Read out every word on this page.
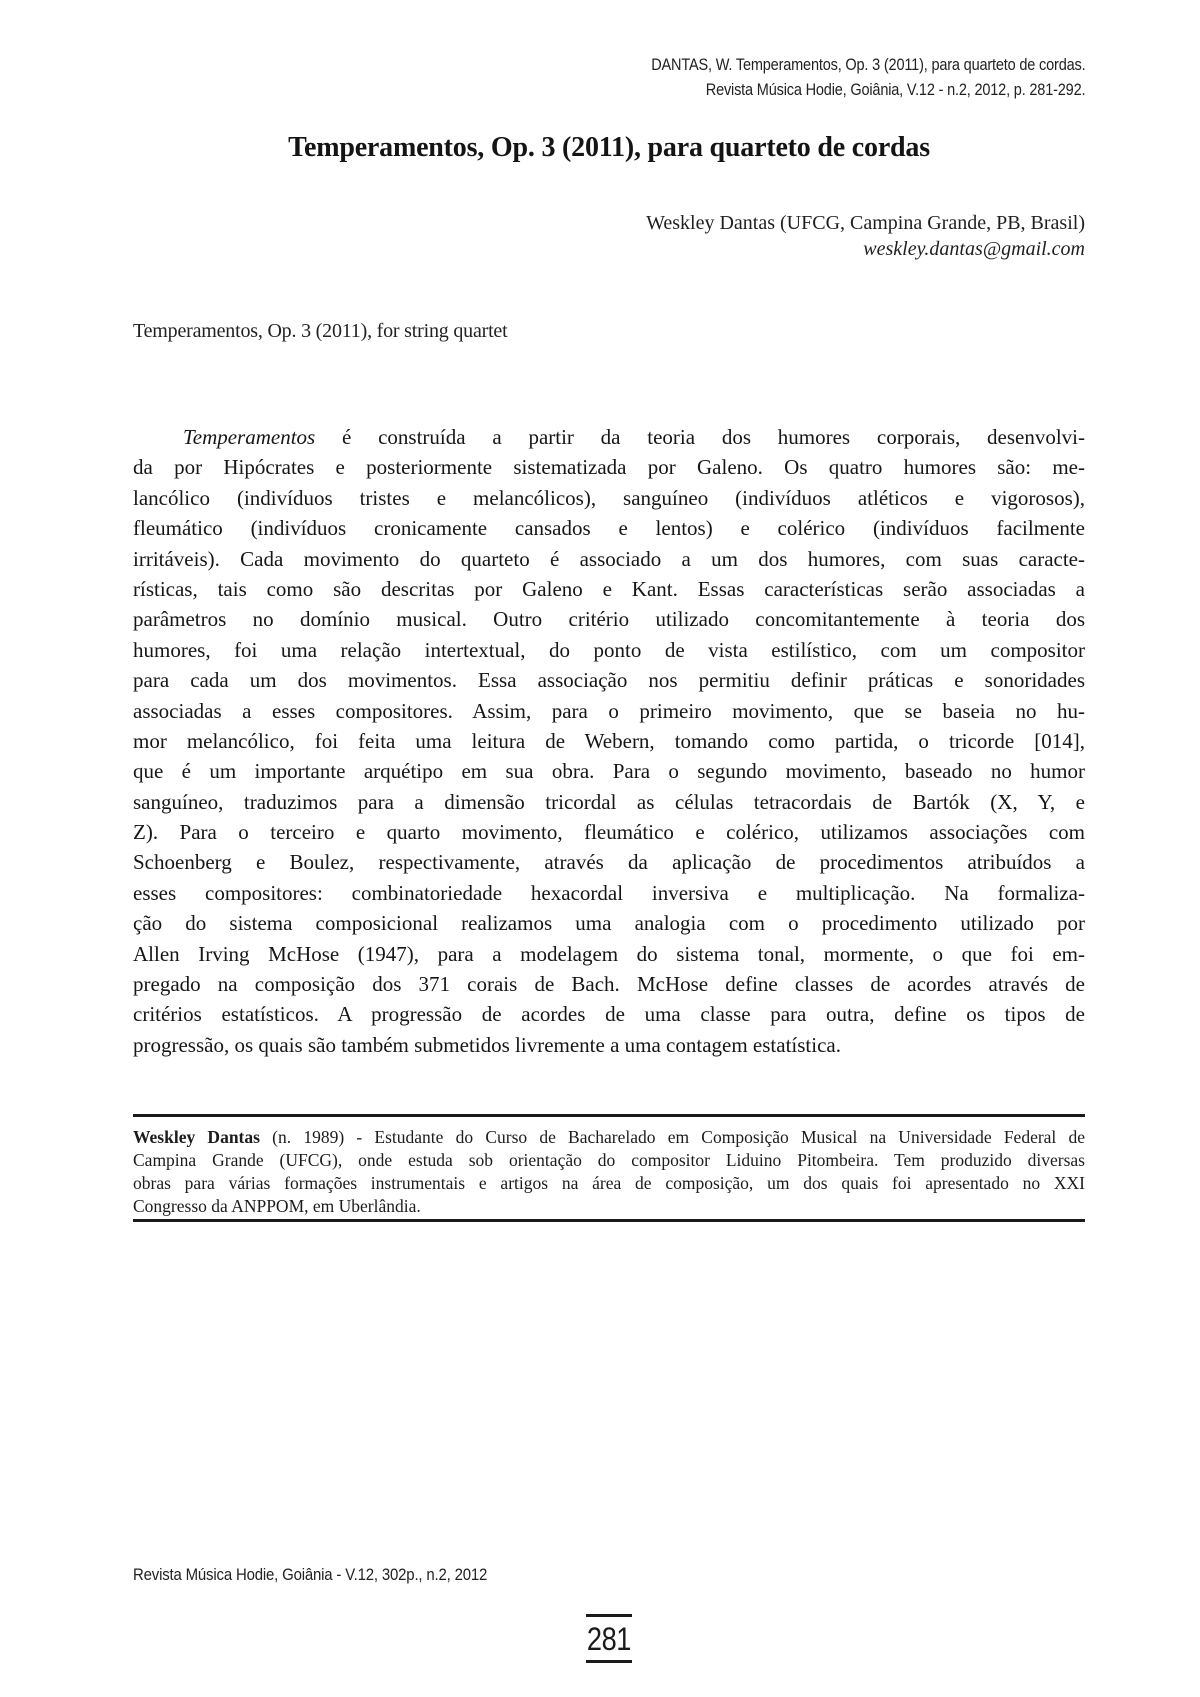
DANTAS, W. Temperamentos, Op. 3 (2011), para quarteto de cordas.
Revista Música Hodie, Goiânia, V.12 - n.2, 2012, p. 281-292.
Temperamentos, Op. 3 (2011), para quarteto de cordas
Weskley Dantas (UFCG, Campina Grande, PB, Brasil)
weskley.dantas@gmail.com
Temperamentos, Op. 3 (2011), for string quartet
Temperamentos é construída a partir da teoria dos humores corporais, desenvolvi-
da por Hipócrates e posteriormente sistematizada por Galeno. Os quatro humores são: me-
lancólico (indivíduos tristes e melancólicos), sanguíneo (indivíduos atléticos e vigorosos),
fleumático (indivíduos cronicamente cansados e lentos) e colérico (indivíduos facilmente
irritáveis). Cada movimento do quarteto é associado a um dos humores, com suas caracte-
rísticas, tais como são descritas por Galeno e Kant. Essas características serão associadas a
parâmetros no domínio musical. Outro critério utilizado concomitantemente à teoria dos
humores, foi uma relação intertextual, do ponto de vista estilístico, com um compositor
para cada um dos movimentos. Essa associação nos permitiu definir práticas e sonoridades
associadas a esses compositores. Assim, para o primeiro movimento, que se baseia no hu-
mor melancólico, foi feita uma leitura de Webern, tomando como partida, o tricorde [014],
que é um importante arquétipo em sua obra. Para o segundo movimento, baseado no humor
sanguíneo, traduzimos para a dimensão tricordal as células tetracordais de Bartók (X, Y, e
Z). Para o terceiro e quarto movimento, fleumático e colérico, utilizamos associações com
Schoenberg e Boulez, respectivamente, através da aplicação de procedimentos atribuídos a
esses compositores: combinatoriedade hexacordal inversiva e multiplicação. Na formaliza-
ção do sistema composicional realizamos uma analogia com o procedimento utilizado por
Allen Irving McHose (1947), para a modelagem do sistema tonal, mormente, o que foi em-
pregado na composição dos 371 corais de Bach. McHose define classes de acordes através de
critérios estatísticos. A progressão de acordes de uma classe para outra, define os tipos de
progressão, os quais são também submetidos livremente a uma contagem estatística.
Weskley Dantas (n. 1989) - Estudante do Curso de Bacharelado em Composição Musical na Universidade Federal de
Campina Grande (UFCG), onde estuda sob orientação do compositor Liduino Pitombeira. Tem produzido diversas
obras para várias formações instrumentais e artigos na área de composição, um dos quais foi apresentado no XXI
Congresso da ANPPOM, em Uberlândia.
Revista Música Hodie, Goiânia - V.12, 302p., n.2, 2012
281
